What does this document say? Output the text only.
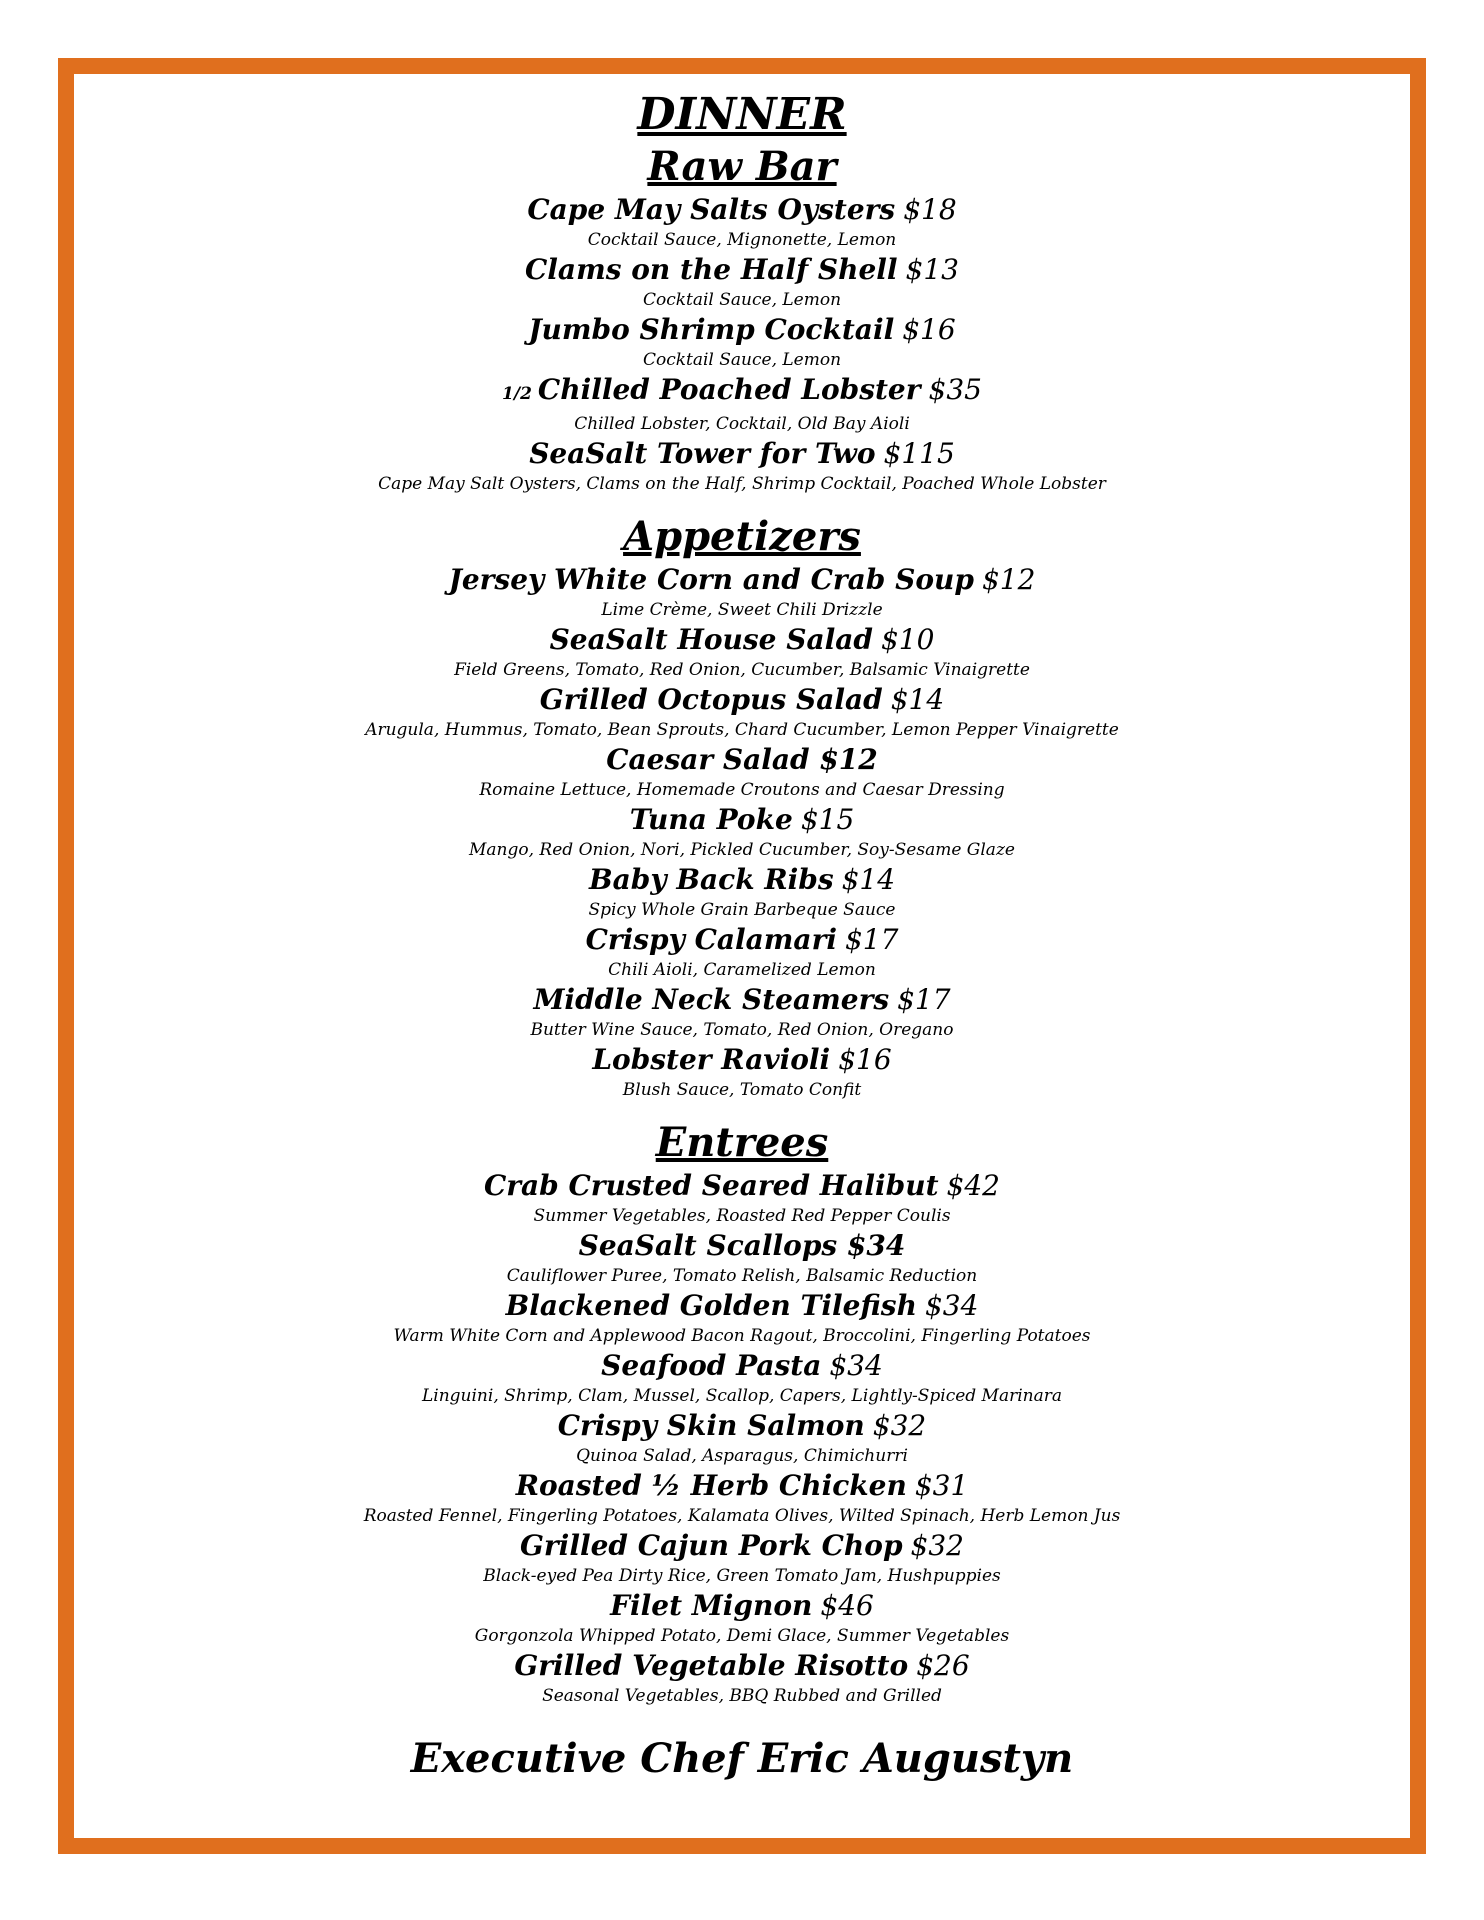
DINNER
Raw Bar
Cape May Salts Oysters $18
Cocktail Sauce, Mignonette, Lemon
Clams on the Half Shell $13
Cocktail Sauce, Lemon
Jumbo Shrimp Cocktail $16
Cocktail Sauce, Lemon
1/2 Chilled Poached Lobster $35
Chilled Lobster, Cocktail, Old Bay Aioli
SeaSalt Tower for Two $115
Cape May Salt Oysters, Clams on the Half, Shrimp Cocktail, Poached Whole Lobster
Appetizers
Jersey White Corn and Crab Soup $12
Lime Crème, Sweet Chili Drizzle
SeaSalt House Salad $10
Field Greens, Tomato, Red Onion, Cucumber, Balsamic Vinaigrette
Grilled Octopus Salad $14
Arugula, Hummus, Tomato, Bean Sprouts, Chard Cucumber, Lemon Pepper Vinaigrette
Caesar Salad $12
Romaine Lettuce, Homemade Croutons and Caesar Dressing
Tuna Poke $15
Mango, Red Onion, Nori, Pickled Cucumber, Soy-Sesame Glaze
Baby Back Ribs $14
Spicy Whole Grain Barbeque Sauce
Crispy Calamari $17
Chili Aioli, Caramelized Lemon
Middle Neck Steamers $17
Butter Wine Sauce, Tomato, Red Onion, Oregano
Lobster Ravioli $16
Blush Sauce, Tomato Confit
Entrees
Crab Crusted Seared Halibut $42
Summer Vegetables, Roasted Red Pepper Coulis
SeaSalt Scallops $34
Cauliflower Puree, Tomato Relish, Balsamic Reduction
Blackened Golden Tilefish $34
Warm White Corn and Applewood Bacon Ragout, Broccolini, Fingerling Potatoes
Seafood Pasta $34
Linguini, Shrimp, Clam, Mussel, Scallop, Capers, Lightly-Spiced Marinara
Crispy Skin Salmon $32
Quinoa Salad, Asparagus, Chimichurri
Roasted ½ Herb Chicken $31
Roasted Fennel, Fingerling Potatoes, Kalamata Olives, Wilted Spinach, Herb Lemon Jus
Grilled Cajun Pork Chop $32
Black-eyed Pea Dirty Rice, Green Tomato Jam, Hushpuppies
Filet Mignon $46
Gorgonzola Whipped Potato, Demi Glace, Summer Vegetables
Grilled Vegetable Risotto $26
Seasonal Vegetables, BBQ Rubbed and Grilled
Executive Chef Eric Augustyn
